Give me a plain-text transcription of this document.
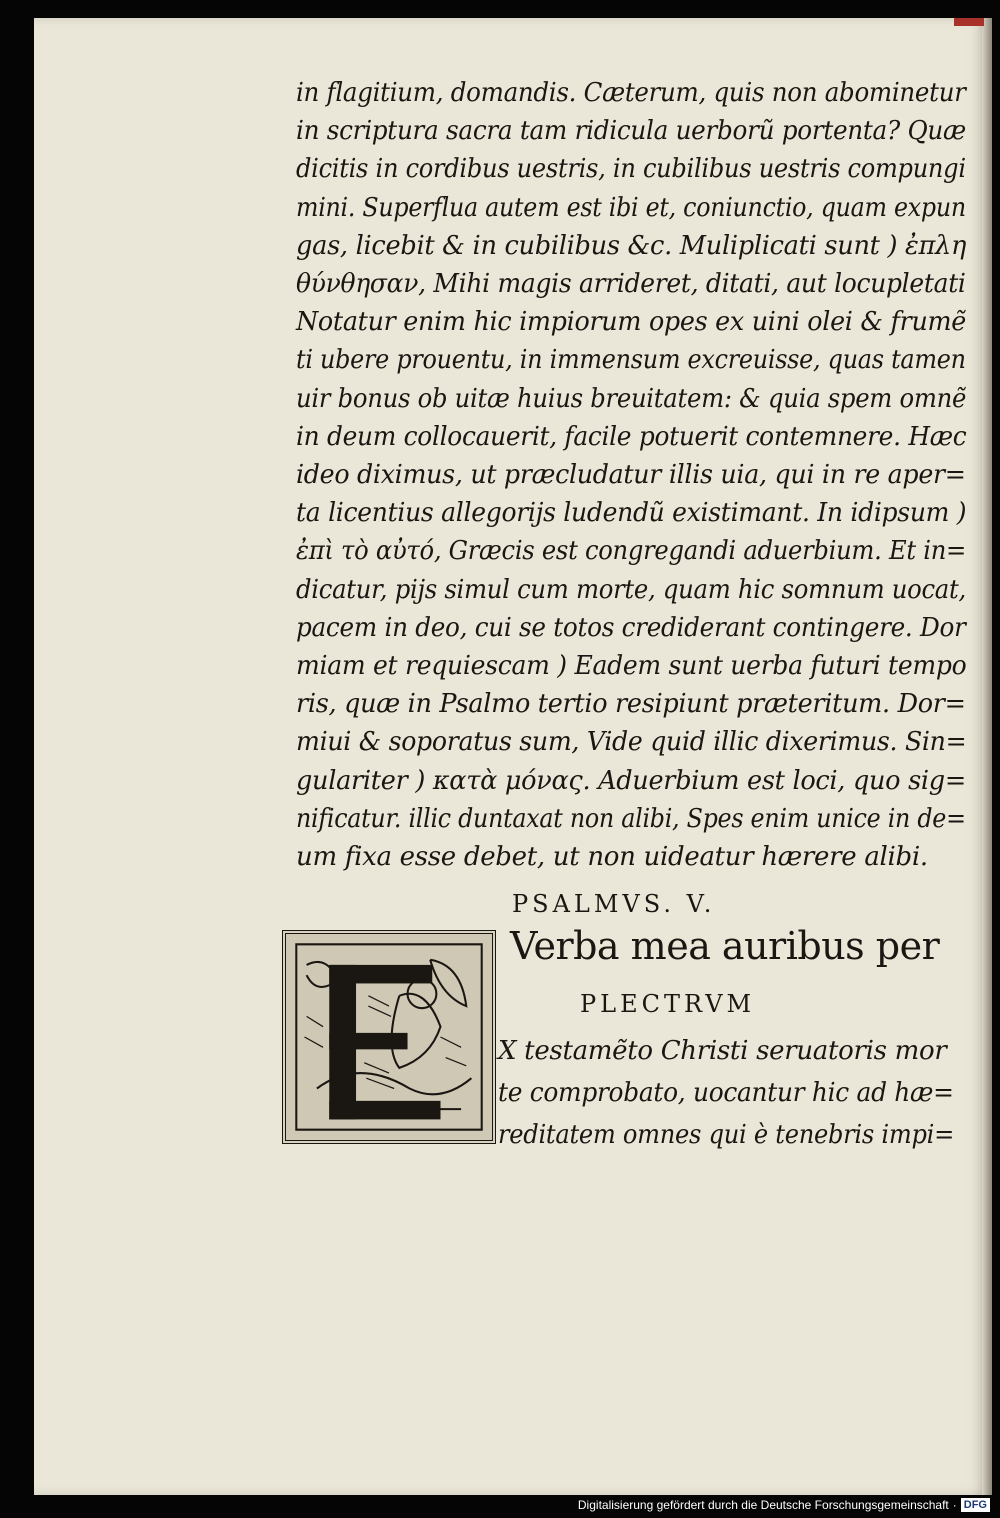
in flagitium, domandis. Cæterum, quis non abominetur
in scriptura sacra tam ridicula uerborũ portenta? Quæ
dicitis in cordibus uestris, in cubilibus uestris compungi
mini. Superflua autem est ibi et, coniunctio, quam expun
gas, licebit & in cubilibus &c. Muliplicati sunt ) ἐπλη
θύνθησαν, Mihi magis arrideret, ditati, aut locupletati
Notatur enim hic impiorum opes ex uini olei & frumẽ
ti ubere prouentu, in immensum excreuisse, quas tamen
uir bonus ob uitæ huius breuitatem: & quia spem omnẽ
in deum collocauerit, facile potuerit contemnere. Hæc
ideo diximus, ut præcludatur illis uia, qui in re aper=
ta licentius allegorijs ludendũ existimant. In idipsum )
ἐπὶ τὸ αὐτό, Græcis est congregandi aduerbium. Et in=
dicatur, pijs simul cum morte, quam hic somnum uocat,
pacem in deo, cui se totos crediderant contingere. Dor
miam et requiescam ) Eadem sunt uerba futuri tempo
ris, quæ in Psalmo tertio resipiunt præteritum. Dor=
miui & soporatus sum, Vide quid illic dixerimus. Sin=
gulariter ) κατὰ μόνας. Aduerbium est loci, quo sig=
nificatur. illic duntaxat non alibi, Spes enim unice in de=
um fixa esse debet, ut non uideatur hærere alibi.
PSALMVS. V.
Verba mea auribus per
PLECTRVM
X testamẽto Christi seruatoris mor
te comprobato, uocantur hic ad hæ=
reditatem omnes qui è tenebris impi=
Digitalisierung gefördert durch die Deutsche Forschungsgemeinschaft · DFG
